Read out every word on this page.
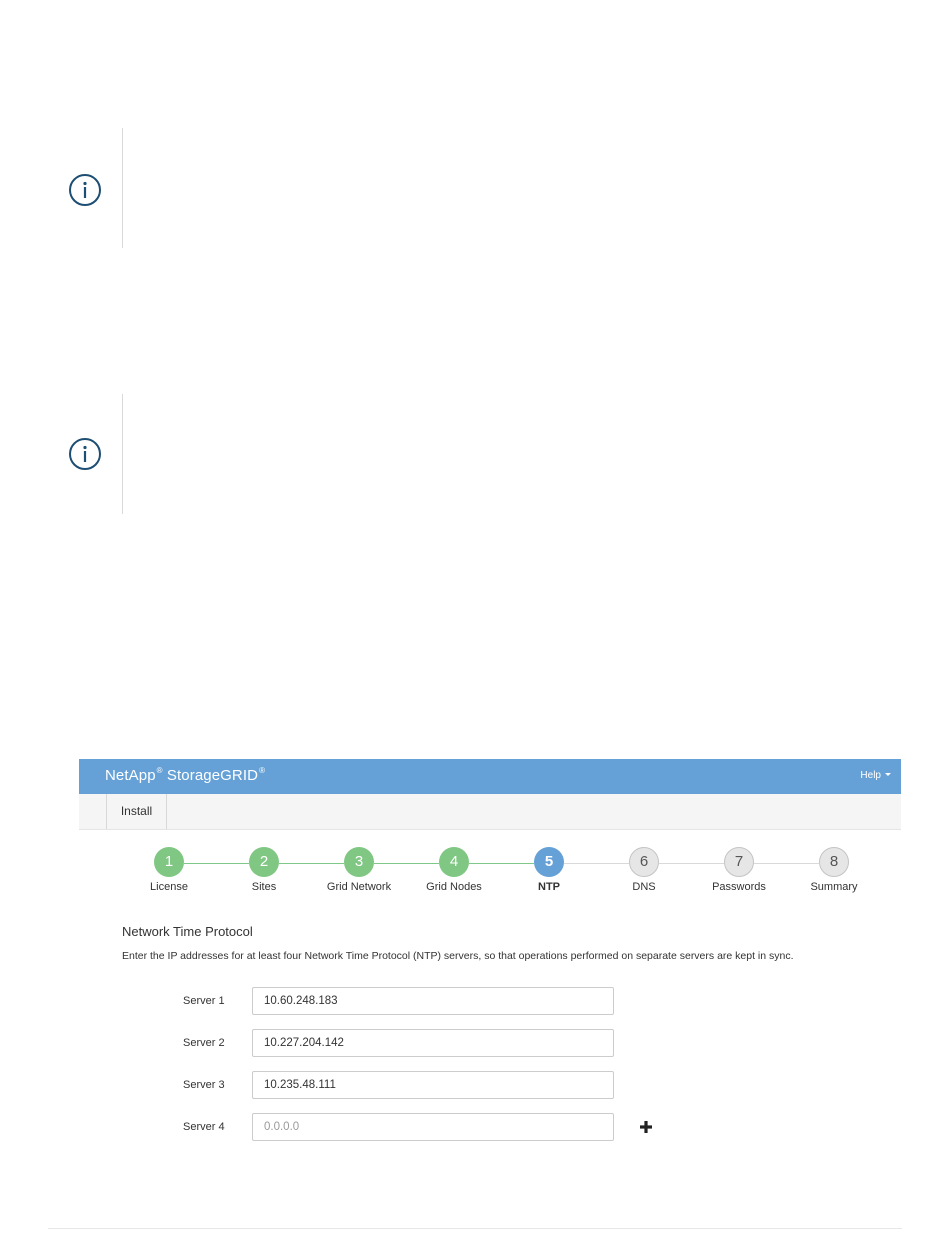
NetApp® StorageGRID®	Help
Install
1
License
2
Sites
3
Grid Network
4
Grid Nodes
5
NTP
6
DNS
7
Passwords
8
Summary
Network Time Protocol
Enter the IP addresses for at least four Network Time Protocol (NTP) servers, so that operations performed on separate servers are kept in sync.
Server 1
10.60.248.183
Server 2
10.227.204.142
Server 3
10.235.48.111
Server 4
0.0.0.0
